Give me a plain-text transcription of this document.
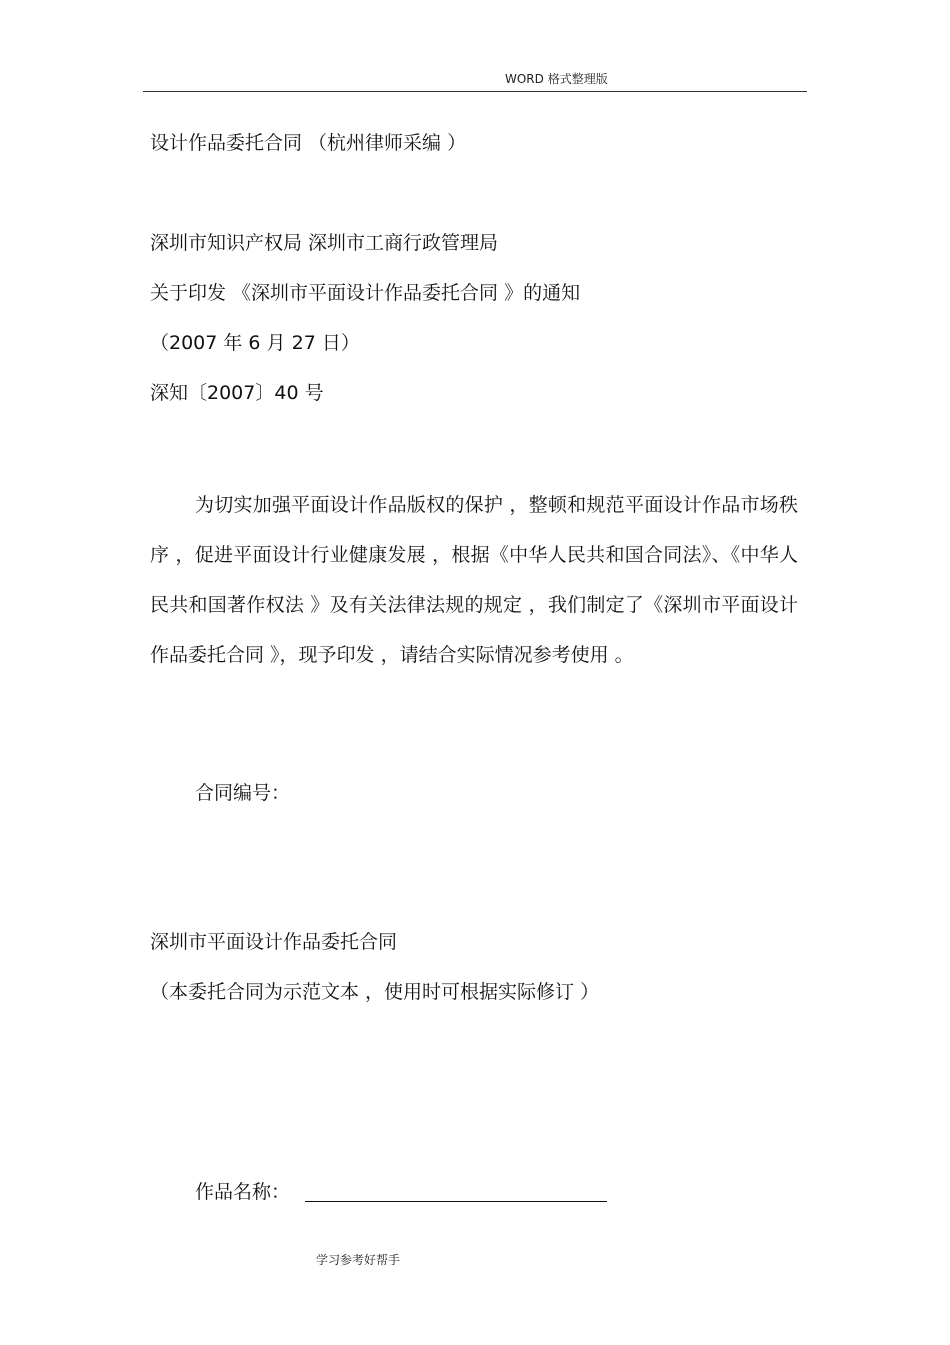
WORD 格式整理版
设计作品委托合同 （杭州律师采编 ）
深圳市知识产权局 深圳市工商行政管理局
关于印发 《深圳市平面设计作品委托合同 》的通知
（2007 年 6 月 27 日）
深知〔2007〕40 号
为切实加强平面设计作品版权的保护 ，整顿和规范平面设计作品市场秩序 ，促进平面设计行业健康发展 ，根据《中华人民共和国合同法》、《中华人民共和国著作权法 》及有关法律法规的规定 ，我们制定了《深圳市平面设计作品委托合同 》，现予印发 ，请结合实际情况参考使用 。
合同编号：
深圳市平面设计作品委托合同
（本委托合同为示范文本 ，使用时可根据实际修订 ）
作品名称：
学习参考好帮手
